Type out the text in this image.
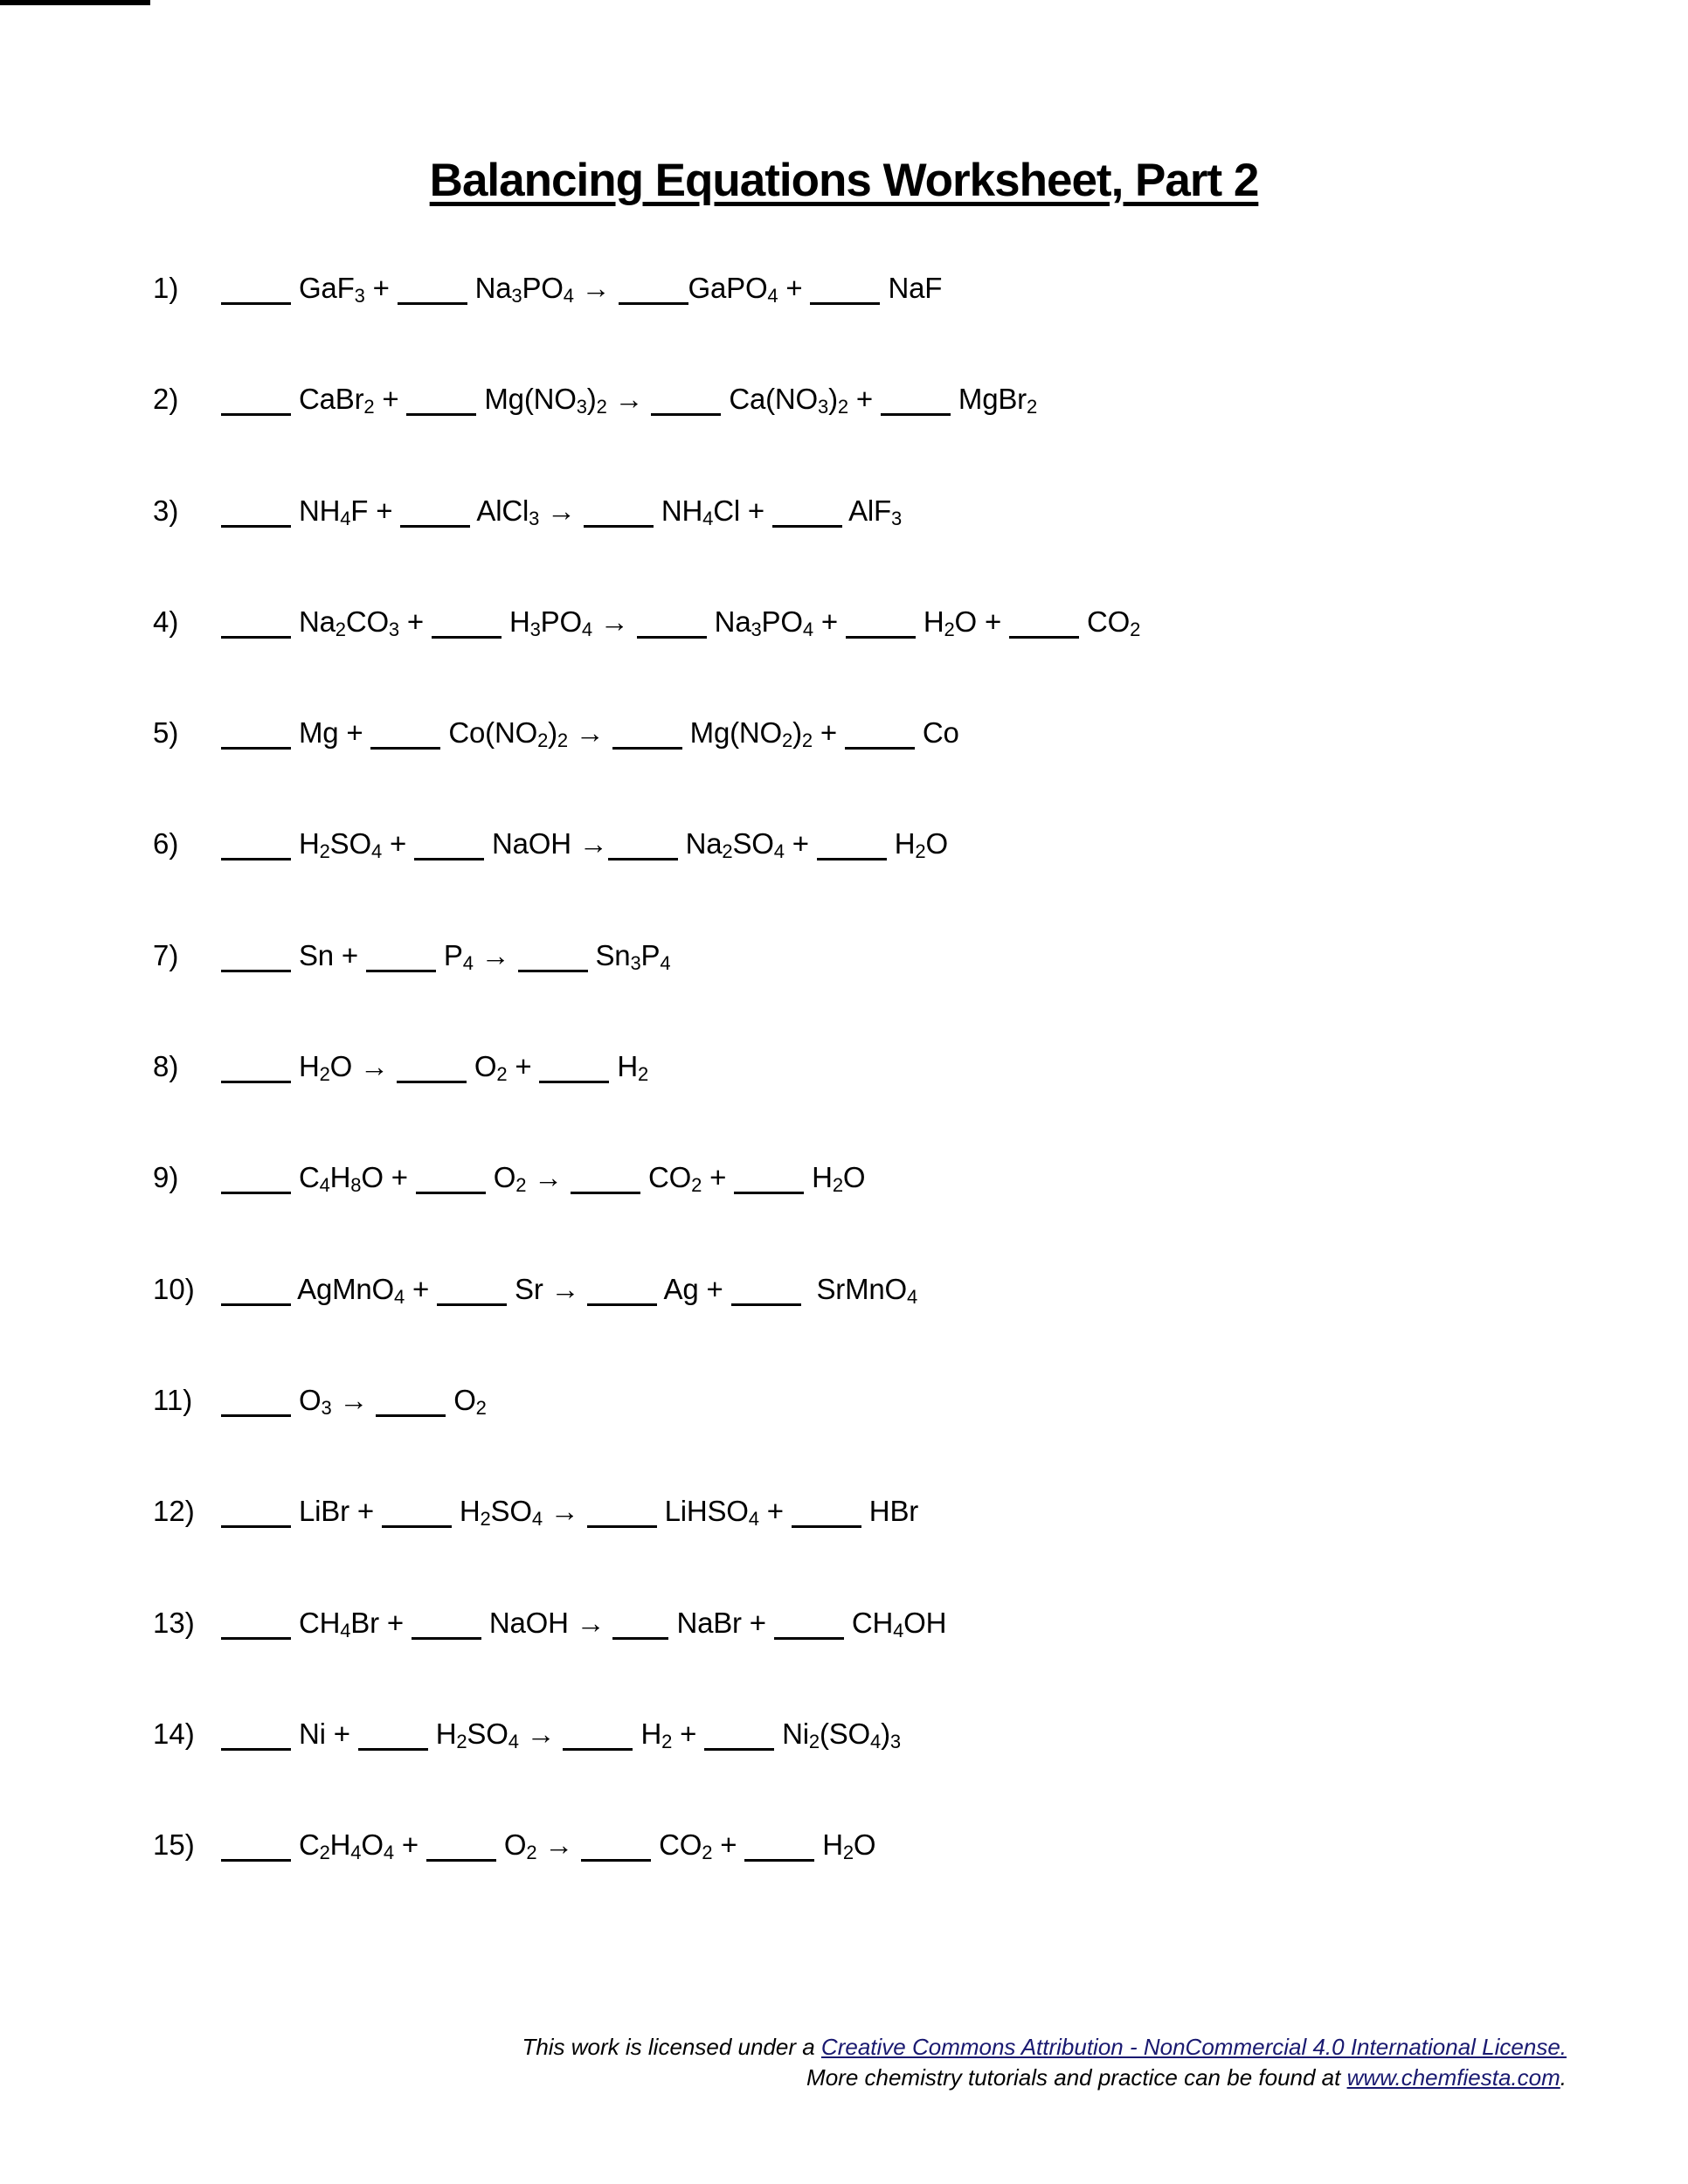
Balancing Equations Worksheet, Part 2
1)	$GaF_3 + Na_3PO_4$ → GaPO$_4$ +  NaF
2)	CaBr$_2$ +  $Mg(NO_3)_2 \to Ca(NO_3)_2$ +  MgBr$_2$
3)	$NH_4F$ +  AlCl$_3$ →  $NH_4Cl + AlF_3$
4)	$Na_2CO_3 + H_3PO_4 \to Na_3PO_4 + H_2O + CO_2$
5)	$Mg + Co(NO_2)_2 \to Mg(NO_2)_2 + Co$
6)	$H_2SO_4$ +  NaOH → $Na_2SO_4 + H_2O$
7)	$Sn + P_4 \to Sn_3P_4$
8)	$H_2O \to O_2 + H_2$
9)	$C_4H_8O + O_2 \to CO_2 + H_2O$
10)	AgMnO$_4$ +  Sr →  Ag +   SrMnO$_4$
11)	$O_3 \to O_2$
12)	LiBr +  $H_2SO_4$ →  LiHSO$_4$ +  HBr
13)	$CH_4Br$ +  NaOH →  NaBr +  $CH_4OH$
14)	$Ni + H_2SO_4 \to H_2 + Ni_2(SO_4)_3$
15)	$C_2H_4O_4 + O_2 \to CO_2 + H_2O$
This work is licensed under a Creative Commons Attribution - NonCommercial 4.0 International License.
More chemistry tutorials and practice can be found at www.chemfiesta.com.
